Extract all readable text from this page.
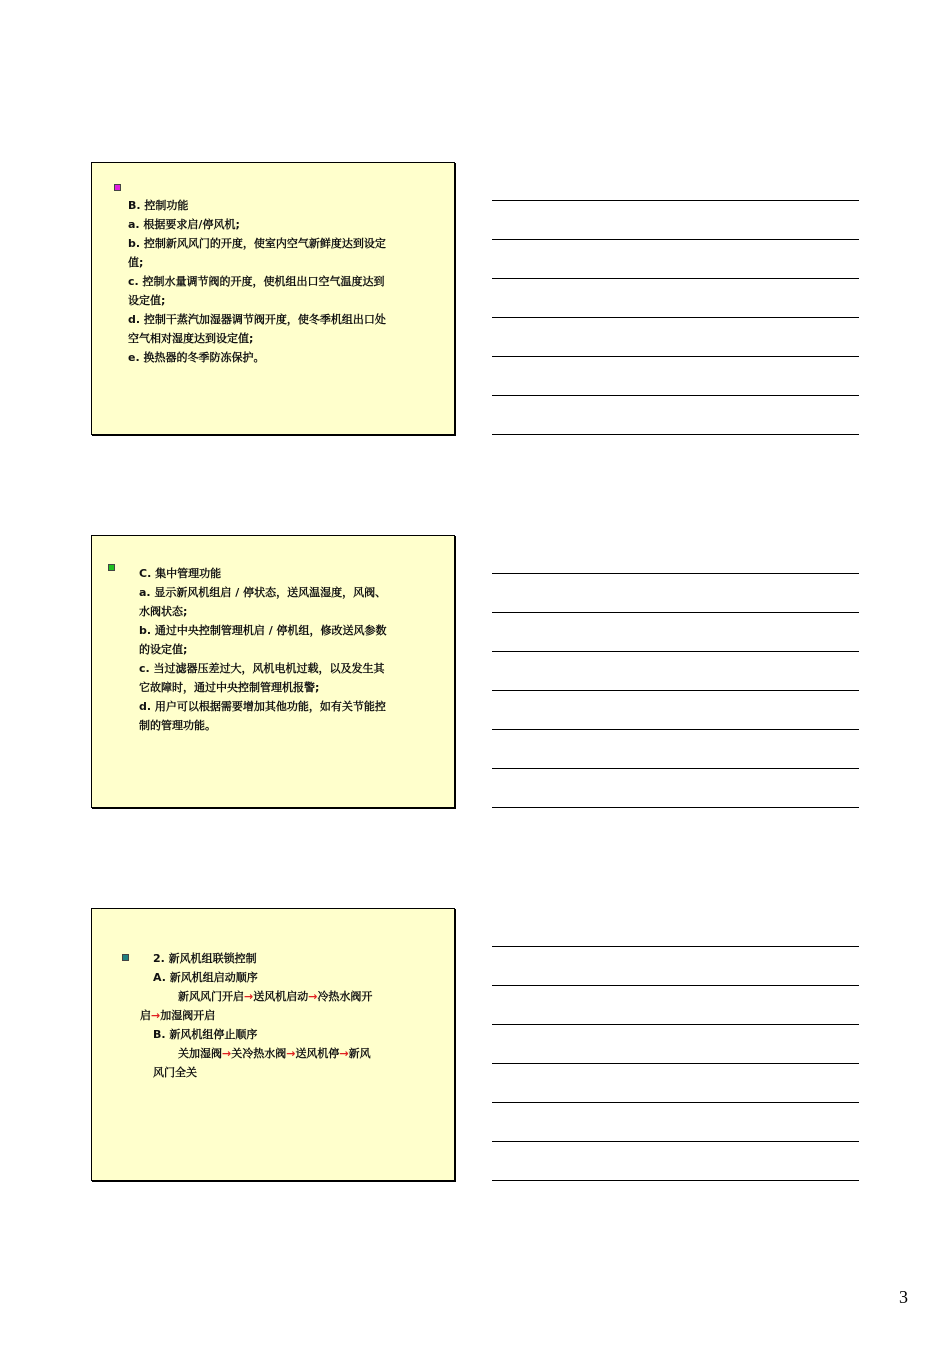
B. 控制功能
a. 根据要求启/停风机;
b. 控制新风风门的开度，使室内空气新鲜度达到设定
值;
c. 控制水量调节阀的开度，使机组出口空气温度达到
设定值;
d. 控制干蒸汽加湿器调节阀开度，使冬季机组出口处
空气相对湿度达到设定值;
e. 换热器的冬季防冻保护。
C. 集中管理功能
a. 显示新风机组启 / 停状态，送风温湿度，风阀、
水阀状态;
b. 通过中央控制管理机启 / 停机组，修改送风参数
的设定值;
c. 当过滤器压差过大，风机电机过载，以及发生其
它故障时，通过中央控制管理机报警;
d. 用户可以根据需要增加其他功能，如有关节能控
制的管理功能。
2. 新风机组联锁控制
A. 新风机组启动顺序
新风风门开启→送风机启动→冷热水阀开
启→加湿阀开启
B. 新风机组停止顺序
关加湿阀→关冷热水阀→送风机停→新风
风门全关
3
